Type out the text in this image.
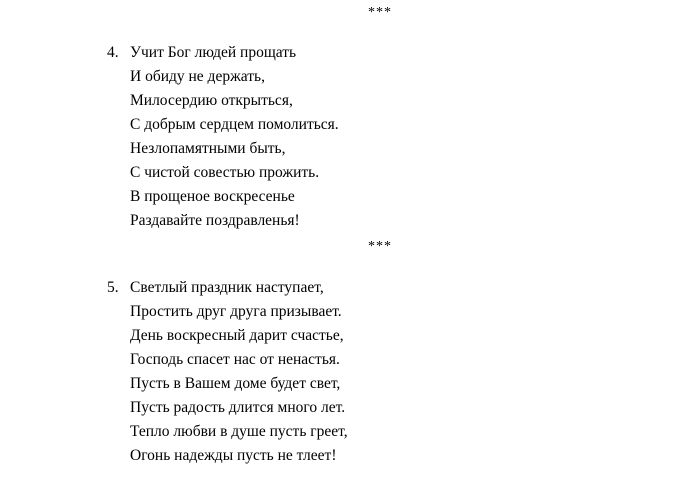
***
4. Учит Бог людей прощать
И обиду не держать,
Милосердию открыться,
С добрым сердцем помолиться.
Незлопамятными быть,
С чистой совестью прожить.
В прощеное воскресенье
Раздавайте поздравленья!
***
5. Светлый праздник наступает,
Простить друг друга призывает.
День воскресный дарит счастье,
Господь спасет нас от ненастья.
Пусть в Вашем доме будет свет,
Пусть радость длится много лет.
Тепло любви в душе пусть греет,
Огонь надежды пусть не тлеет!
